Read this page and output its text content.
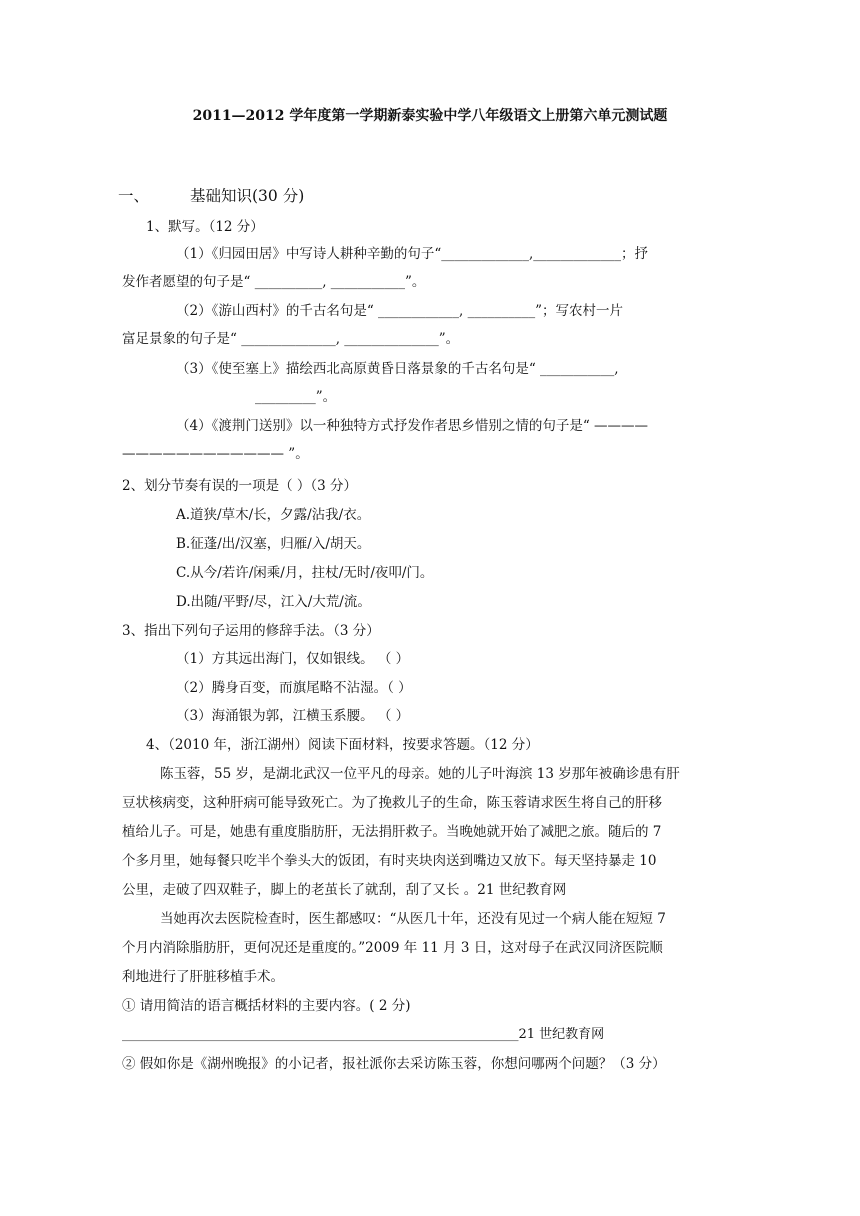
2011—2012 学年度第一学期新泰实验中学八年级语文上册第六单元测试题
一、	基础知识(30 分)
1、默写。（12 分）
（1）《归园田居》中写诗人耕种辛勤的句子“_____________,_____________；抒
发作者愿望的句子是“ __________, ___________”。
（2）《游山西村》的千古名句是“ ____________, __________”；写农村一片
富足景象的句子是“ ______________, ______________”。
（3）《使至塞上》描绘西北高原黄昏日落景象的千古名句是“ ___________,
_________”。
（4）《渡荆门送别》以一种独特方式抒发作者思乡惜别之情的句子是“ ————
———————————— ”。
2、划分节奏有误的一项是（ ）（3 分）
A.道狭/草木/长，夕露/沾我/衣。
B.征蓬/出/汉塞，归雁/入/胡天。
C.从今/若许/闲乘/月，拄杖/无时/夜叩/门。
D.出随/平野/尽，江入/大荒/流。
3、指出下列句子运用的修辞手法。（3 分）
（1）方其远出海门，仅如银线。 （ ）
（2）腾身百变，而旗尾略不沾湿。（ ）
（3）海涌银为郭，江横玉系腰。 （ ）
4、（2010 年，浙江湖州）阅读下面材料，按要求答题。（12 分）
陈玉蓉，55 岁，是湖北武汉一位平凡的母亲。她的儿子叶海滨 13 岁那年被确诊患有肝
豆状核病变，这种肝病可能导致死亡。为了挽救儿子的生命，陈玉蓉请求医生将自己的肝移
植给儿子。可是，她患有重度脂肪肝，无法捐肝救子。当晚她就开始了减肥之旅。随后的 7
个多月里，她每餐只吃半个拳头大的饭团，有时夹块肉送到嘴边又放下。每天坚持暴走 10
公里，走破了四双鞋子，脚上的老茧长了就刮，刮了又长 。21 世纪教育网
当她再次去医院检查时，医生都感叹：“从医几十年，还没有见过一个病人能在短短 7
个月内消除脂肪肝，更何况还是重度的。”2009 年 11 月 3 日，这对母子在武汉同济医院顺
利地进行了肝脏移植手术。
① 请用简洁的语言概括材料的主要内容。( 2 分)
_____________________________________________________________21 世纪教育网
② 假如你是《湖州晚报》的小记者，报社派你去采访陈玉蓉，你想问哪两个问题？（3 分）
